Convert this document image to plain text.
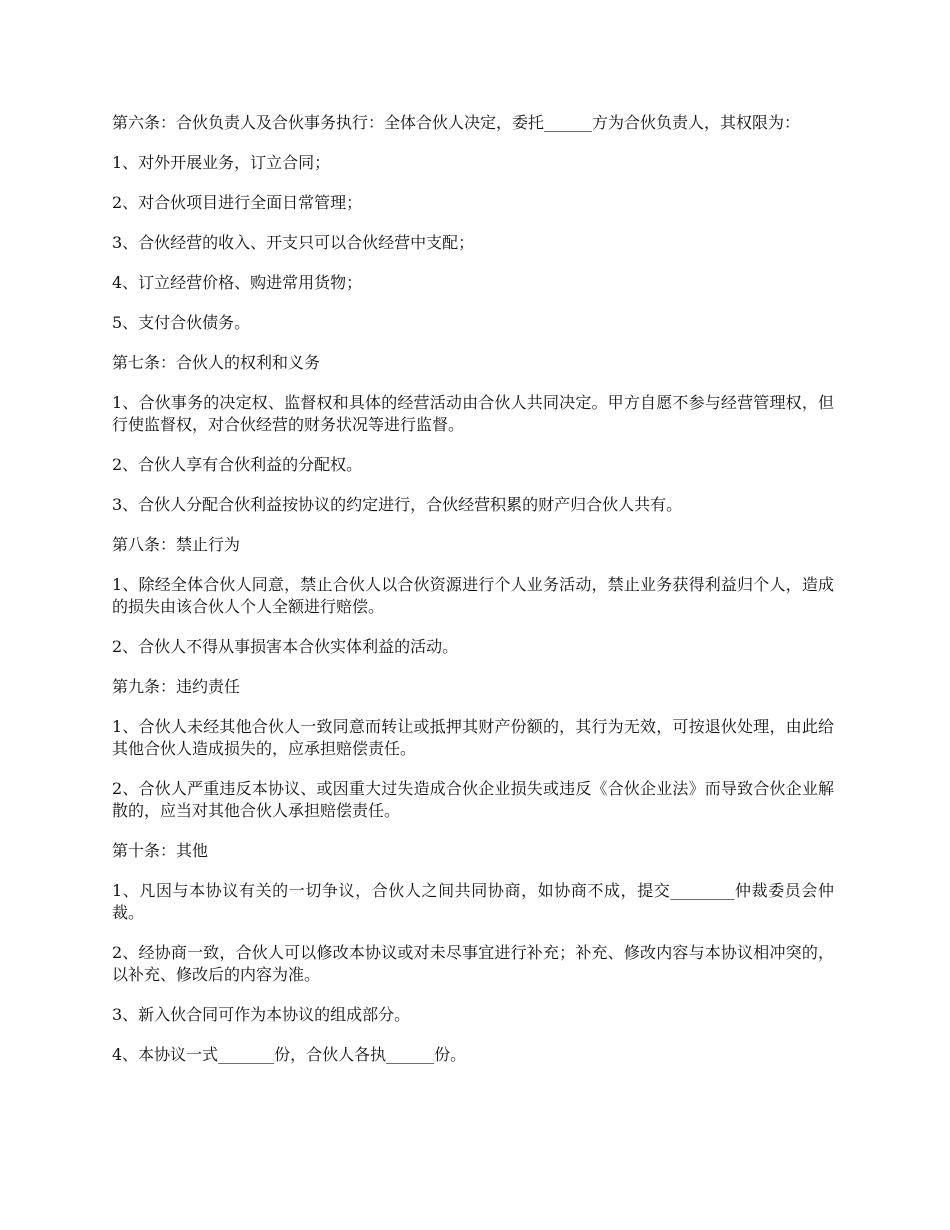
第六条：合伙负责人及合伙事务执行：全体合伙人决定，委托______方为合伙负责人，其权限为：

1、对外开展业务，订立合同；

2、对合伙项目进行全面日常管理；

3、合伙经营的收入、开支只可以合伙经营中支配；

4、订立经营价格、购进常用货物；

5、支付合伙债务。

第七条：合伙人的权利和义务

1、合伙事务的决定权、监督权和具体的经营活动由合伙人共同决定。甲方自愿不参与经营管理权，但行使监督权，对合伙经营的财务状况等进行监督。

2、合伙人享有合伙利益的分配权。

3、合伙人分配合伙利益按协议的约定进行，合伙经营积累的财产归合伙人共有。

第八条：禁止行为

1、除经全体合伙人同意，禁止合伙人以合伙资源进行个人业务活动，禁止业务获得利益归个人，造成的损失由该合伙人个人全额进行赔偿。

2、合伙人不得从事损害本合伙实体利益的活动。

第九条：违约责任

1、合伙人未经其他合伙人一致同意而转让或抵押其财产份额的，其行为无效，可按退伙处理，由此给其他合伙人造成损失的，应承担赔偿责任。

2、合伙人严重违反本协议、或因重大过失造成合伙企业损失或违反《合伙企业法》而导致合伙企业解散的，应当对其他合伙人承担赔偿责任。

第十条：其他

1、凡因与本协议有关的一切争议，合伙人之间共同协商，如协商不成，提交________仲裁委员会仲裁。

2、经协商一致，合伙人可以修改本协议或对未尽事宜进行补充；补充、修改内容与本协议相冲突的，以补充、修改后的内容为准。

3、新入伙合同可作为本协议的组成部分。

4、本协议一式_______份，合伙人各执______份。
